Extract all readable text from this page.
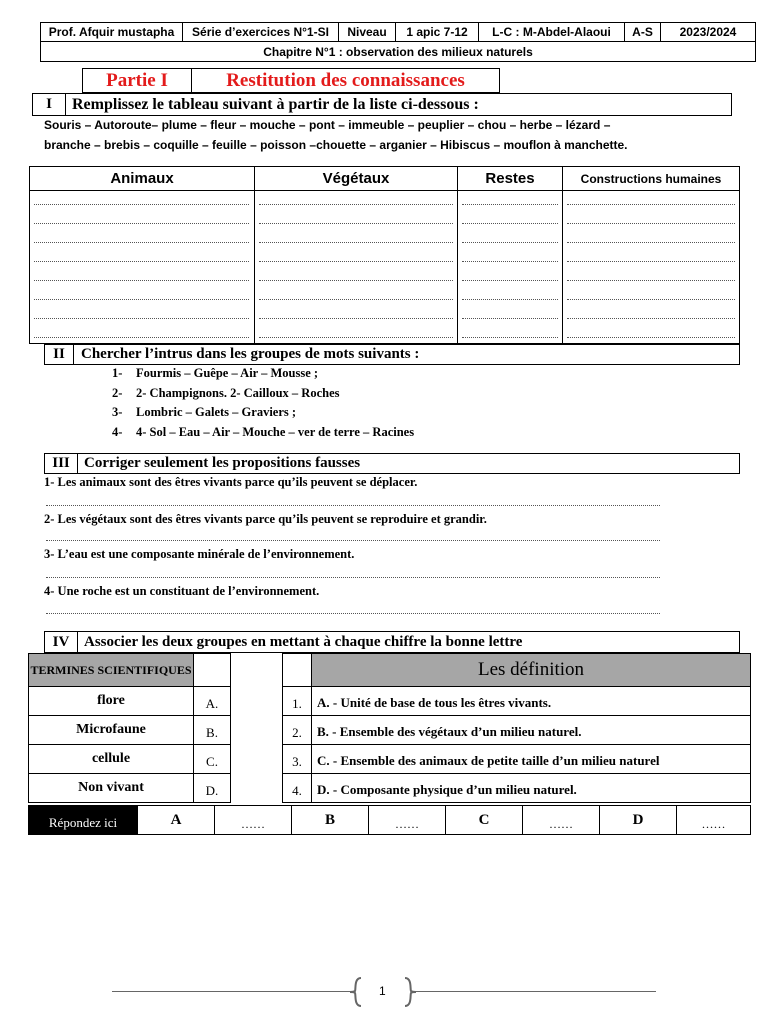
Prof. Afquir mustapha	Série d’exercices N°1-SI	Niveau	1 apic 7-12	L-C : M-Abdel-Alaoui	A-S	2023/2024
Chapitre N°1 : observation des milieux naturels
Partie I	Restitution des connaissances
I	Remplissez le tableau suivant à partir de la liste ci-dessous :
Souris – Autoroute– plume – fleur – mouche – pont – immeuble – peuplier – chou – herbe – lézard –
branche – brebis – coquille – feuille – poisson –chouette – arganier – Hibiscus – mouflon à manchette.
Animaux	Végétaux	Restes	Constructions humaines
II	Chercher l’intrus dans les groupes de mots suivants :
1- Fourmis – Guêpe – Air – Mousse ;
2- 2- Champignons. 2- Cailloux – Roches
3- Lombric – Galets – Graviers ;
4- 4- Sol – Eau – Air – Mouche – ver de terre – Racines
III Corriger seulement les propositions fausses
1- Les animaux sont des êtres vivants parce qu’ils peuvent se déplacer.
2- Les végétaux sont des êtres vivants parce qu’ils peuvent se reproduire et grandir.
3- L’eau est une composante minérale de l’environnement.
4- Une roche est un constituant de l’environnement.
IV Associer les deux groupes en mettant à chaque chiffre la bonne lettre
TERMINES SCIENTIFIQUES	Les définition
flore	A.	1.	A. - Unité de base de tous les êtres vivants.
Microfaune	B.	2.	B. - Ensemble des végétaux d’un milieu naturel.
cellule	C.	3.	C. - Ensemble des animaux de petite taille d’un milieu naturel
Non vivant	D.	4.	D. - Composante physique d’un milieu naturel.
Répondez ici	A	……	B	……	C	……	D	……
1
